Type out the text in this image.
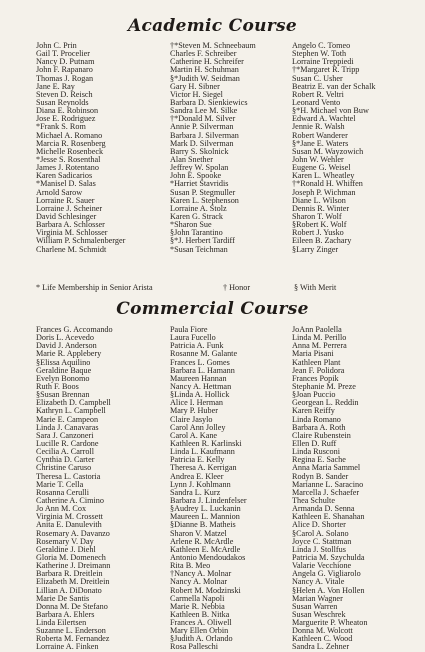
Academic Course
John C. Prin
Gail T. Procelier
Nancy D. Putnam
John F. Rapanaro
Thomas J. Rogan
Jane E. Ray
Steven D. Reisch
Susan Reynolds
Diana E. Robinson
Jose E. Rodriguez
*Frank S. Rom
Michael A. Romano
Marcia R. Rosenberg
Michelle Rosenbeck
*Jesse S. Rosenthal
James J. Rotentano
Karen Sadicarios
*Manisel D. Salas
Arnold Sarow
Lorraine R. Sauer
Lorraine J. Scheiner
David Schlesinger
Barbara A. Schlosser
Virginia M. Schlosser
William P. Schmalenberger
Charlene M. Schmidt
†*Steven M. Schneebaum
Charles F. Schreiber
Catherine H. Schreifer
Martin H. Schuhman
§*Judith W. Seidman
Gary H. Sibner
Victor H. Siegel
Barbara D. Sienkiewics
Sandra Lee M. Silke
†*Donald M. Silver
Annie P. Silverman
Barbara J. Silverman
Mark D. Silverman
Barry S. Skolnick
Alan Snether
Jeffrey W. Spolan
John E. Spooke
*Harriet Stavridis
Susan P. Stegmuller
Karen L. Stephenson
Lorraine A. Stolz
Karen G. Strack
*Sharon Sue
§John Tarantino
§*J. Herbert Tardiff
*Susan Teichman
Angelo C. Tomeo
Stephen W. Toth
Lorraine Treppiedi
†*Margaret R. Tripp
Susan C. Usher
Beatriz E. van der Schalk
Robert R. Veltri
Leonard Vento
§*H. Michael von Buw
Edward A. Wachtel
Jennie R. Walsh
Robert Wanderer
§*Jane E. Waters
Susan M. Wayzowich
John W. Wehler
Eugene G. Weisel
Karen L. Wheatley
†*Ronald H. Whiffen
Joseph P. Wichman
Diane L. Wilson
Dennis R. Winter
Sharon T. Wolf
§Robert K. Wolf
Robert J. Yusko
Eileen B. Zachary
§Larry Zinger
* Life Membership in Senior Arista	† Honor	§ With Merit
Commercial Course
Frances G. Accomando
Doris L. Acevedo
David J. Anderson
Marie R. Applebery
§Elissa Aquilino
Geraldine Baque
Evelyn Bonomo
Ruth F. Boos
§Susan Brennan
Elizabeth D. Campbell
Kathryn L. Campbell
Marie E. Campeon
Linda J. Canavaras
Sara J. Canzoneri
Lucille R. Cardone
Cecilia A. Carroll
Cynthia D. Carter
Christine Caruso
Theresa L. Castoria
Marie T. Cella
Rosanna Cerulli
Catherine A. Cimino
Jo Ann M. Cox
Virginia M. Crossett
Anita E. Danulevith
Rosemary A. Davanzo
Rosemary V. Day
Geraldine J. Diehl
Gloria M. Domenech
Katherine J. Dreimann
Barbara R. Dreitlein
Elizabeth M. Dreitlein
Lillian A. DiDonato
Marie De Santis
Donna M. De Stefano
Barbara A. Ehlers
Linda Eilertsen
Suzanne L. Enderson
Roberta M. Fernandez
Lorraine A. Finken
Paula Fiore
Laura Fucello
Patricia A. Funk
Rosanne M. Galante
Frances L. Gomes
Barbara L. Hamann
Maureen Hannan
Nancy A. Hettman
§Linda A. Hollick
Alice I. Herman
Mary P. Huber
Claire Jasylo
Carol Ann Jolley
Carol A. Kane
Kathleen R. Karlinski
Linda L. Kaufmann
Patricia E. Kelly
Theresa A. Kerrigan
Andrea E. Kleer
Lynn J. Kohlmann
Sandra L. Kurz
Barbara J. Lindenfelser
§Audrey L. Luckanin
Maureen L. Mannion
§Dianne B. Matheis
Sharon V. Matzel
Arlene R. McArdle
Kathleen E. McArdle
Antonio Mendoudakos
Rita B. Meo
†Nancy A. Molnar
Nancy A. Molnar
Robert M. Modzinski
Carmella Napoli
Marie R. Nebbia
Kathleen B. Nitka
Frances A. Oliwell
Mary Ellen Orbin
§Judith A. Orlando
Rosa Palleschi
JoAnn Paolella
Linda M. Perillo
Anna M. Perrera
Maria Pisani
Kathleen Plant
Jean F. Polidora
Frances Popik
Stephanie M. Preze
§Joan Puccio
Georgean L. Reddin
Karen Reiffy
Linda Romano
Barbara A. Roth
Claire Rubenstein
Ellen D. Ruff
Linda Rusconi
Regina E. Sache
Anna Maria Sammel
Rodyn B. Sander
Marianne L. Saracino
Marcella J. Schaefer
Thea Schulte
Armanda D. Senna
Kathleen E. Shanahan
Alice D. Shorter
§Carol A. Solano
Joyce C. Stattman
Linda J. Stollfus
Patricia M. Szychulda
Valarie Vecchione
Angela G. Vigliarolo
Nancy A. Vitale
§Helen A. Von Hollen
Marian Wagner
Susan Warren
Susan Weschrek
Marguerite P. Wheaton
Donna M. Wolcott
Kathleen C. Wood
Sandra L. Zehner
